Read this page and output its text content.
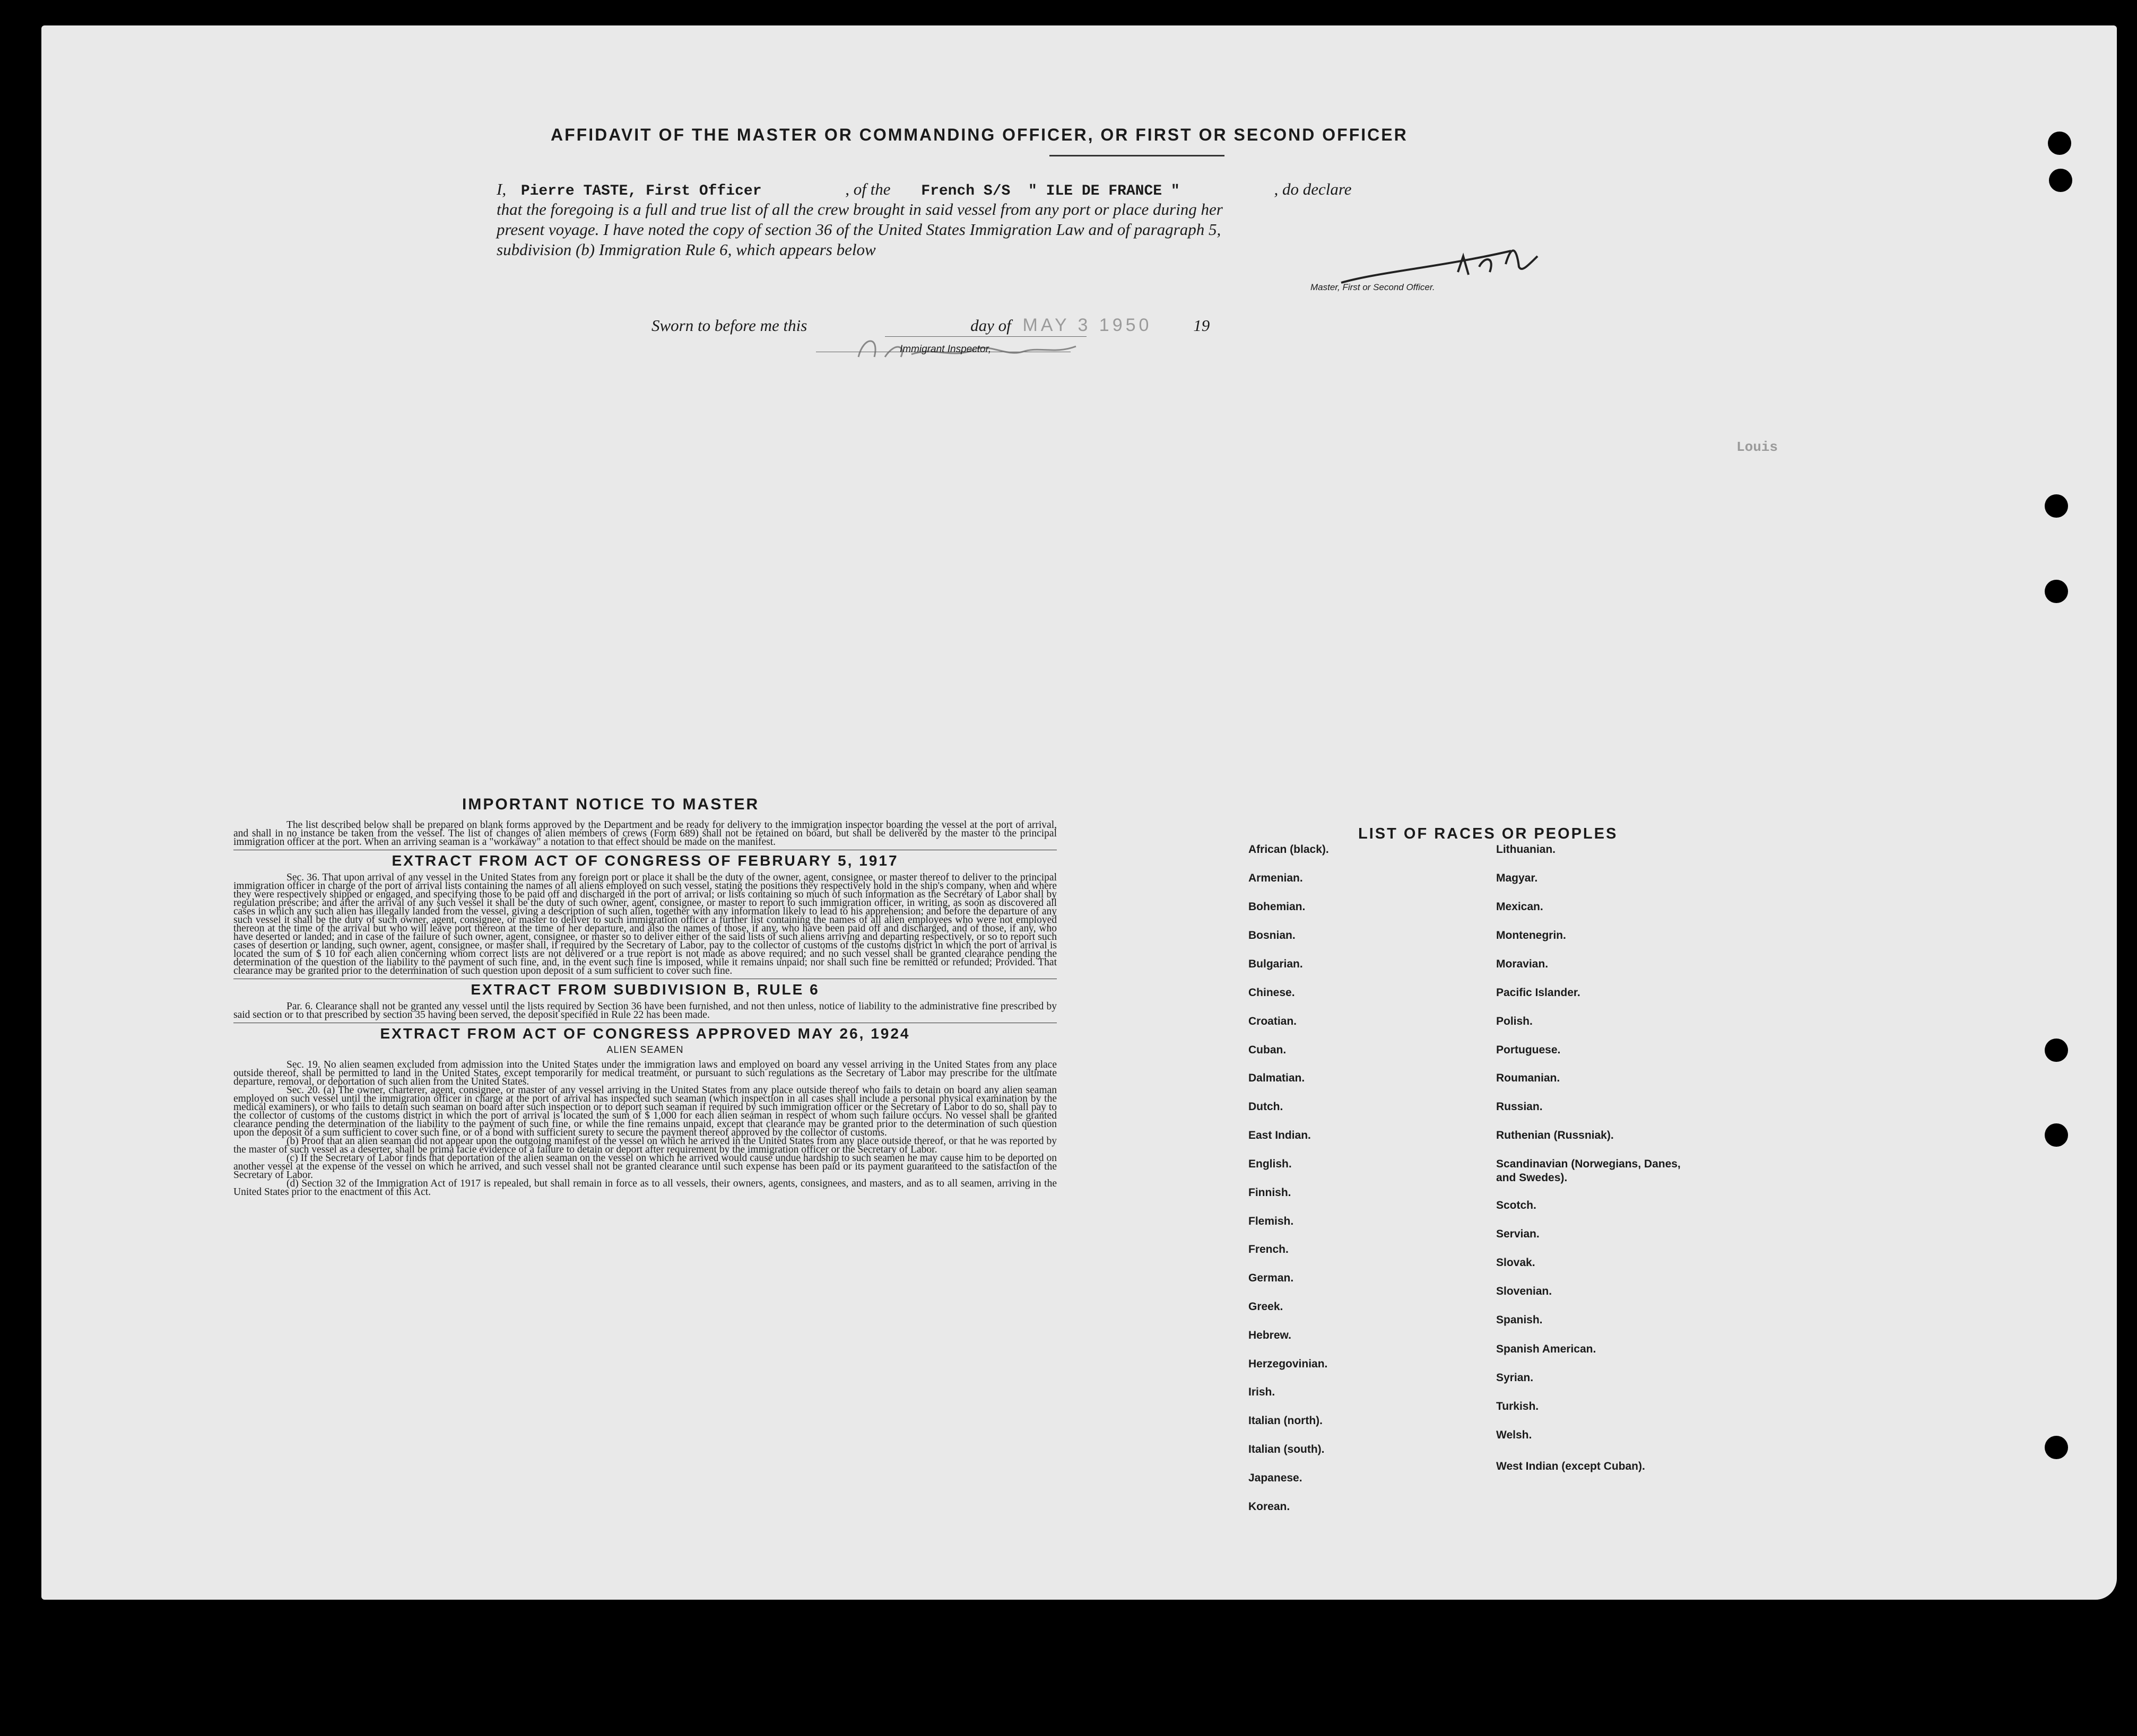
Louis
AFFIDAVIT OF THE MASTER OR COMMANDING OFFICER, OR FIRST OR SECOND OFFICER
I, Pierre TASTE, First Officer	, of the French S/S " ILE DE FRANCE "	, do declare
that the foregoing is a full and true list of all the crew brought in said vessel from any port or place during her
present voyage. I have noted the copy of section 36 of the United States Immigration Law and of paragraph 5,
subdivision (b) Immigration Rule 6, which appears below
Master, First or Second Officer.
Sworn to before me this	day of MAY 3 1950	19
Immigrant Inspector,
IMPORTANT NOTICE TO MASTER

The list described below shall be prepared on blank forms approved by the Department and be ready for delivery to the immigration inspector boarding the vessel at the port of arrival, and shall in no instance be taken from the vessel. The list of changes of alien members of crews (Form 689) shall not be retained on board, but shall be delivered by the master to the principal immigration officer at the port. When an arriving seaman is a "workaway" a notation to that effect should be made on the manifest.

EXTRACT FROM ACT OF CONGRESS OF FEBRUARY 5, 1917

Sec. 36. That upon arrival of any vessel in the United States from any foreign port or place it shall be the duty of the owner, agent, consignee, or master thereof to deliver to the principal immigration officer in charge of the port of arrival lists containing the names of all aliens employed on such vessel, stating the positions they respectively hold in the ship's company, when and where they were respectively shipped or engaged, and specifying those to be paid off and discharged in the port of arrival; or lists containing so much of such information as the Secretary of Labor shall by regulation prescribe; and after the arrival of any such vessel it shall be the duty of such owner, agent, consignee, or master to report to such immigration officer, in writing, as soon as discovered all cases in which any such alien has illegally landed from the vessel, giving a description of such alien, together with any information likely to lead to his apprehension; and before the departure of any such vessel it shall be the duty of such owner, agent, consignee, or master to deliver to such immigration officer a further list containing the names of all alien employees who were not employed thereon at the time of the arrival but who will leave port thereon at the time of her departure, and also the names of those, if any, who have been paid off and discharged, and of those, if any, who have deserted or landed; and in case of the failure of such owner, agent, consignee, or master so to deliver either of the said lists of such aliens arriving and departing respectively, or so to report such cases of desertion or landing, such owner, agent, consignee, or master shall, if required by the Secretary of Labor, pay to the collector of customs of the customs district in which the port of arrival is located the sum of $ 10 for each alien concerning whom correct lists are not delivered or a true report is not made as above required; and no such vessel shall be granted clearance pending the determination of the question of the liability to the payment of such fine, and, in the event such fine is imposed, while it remains unpaid; nor shall such fine be remitted or refunded; Provided. That clearance may be granted prior to the determination of such question upon deposit of a sum sufficient to cover such fine.

EXTRACT FROM SUBDIVISION B, RULE 6

Par. 6. Clearance shall not be granted any vessel until the lists required by Section 36 have been furnished, and not then unless, notice of liability to the administrative fine prescribed by said section or to that prescribed by section 35 having been served, the deposit specified in Rule 22 has been made.

EXTRACT FROM ACT OF CONGRESS APPROVED MAY 26, 1924
ALIEN SEAMEN

Sec. 19. No alien seamen excluded from admission into the United States under the immigration laws and employed on board any vessel arriving in the United States from any place outside thereof, shall be permitted to land in the United States, except temporarily for medical treatment, or pursuant to such regulations as the Secretary of Labor may prescribe for the ultimate departure, removal, or deportation of such alien from the United States.

Sec. 20. (a) The owner, charterer, agent, consignee, or master of any vessel arriving in the United States from any place outside thereof who fails to detain on board any alien seaman employed on such vessel until the immigration officer in charge at the port of arrival has inspected such seaman (which inspection in all cases shall include a personal physical examination by the medical examiners), or who fails to detain such seaman on board after such inspection or to deport such seaman if required by such immigration officer or the Secretary of Labor to do so, shall pay to the collector of customs of the customs district in which the port of arrival is located the sum of $ 1,000 for each alien seaman in respect of whom such failure occurs. No vessel shall be granted clearance pending the determination of the liability to the payment of such fine, or while the fine remains unpaid, except that clearance may be granted prior to the determination of such question upon the deposit of a sum sufficient to cover such fine, or of a bond with sufficient surety to secure the payment thereof approved by the collector of customs.

(b) Proof that an alien seaman did not appear upon the outgoing manifest of the vessel on which he arrived in the United States from any place outside thereof, or that he was reported by the master of such vessel as a deserter, shall be prima facie evidence of a failure to detain or deport after requirement by the immigration officer or the Secretary of Labor.

(c) If the Secretary of Labor finds that deportation of the alien seaman on the vessel on which he arrived would cause undue hardship to such seamen he may cause him to be deported on another vessel at the expense of the vessel on which he arrived, and such vessel shall not be granted clearance until such expense has been paid or its payment guaranteed to the satisfaction of the Secretary of Labor.

(d) Section 32 of the Immigration Act of 1917 is repealed, but shall remain in force as to all vessels, their owners, agents, consignees, and masters, and as to all seamen, arriving in the United States prior to the enactment of this Act.

LIST OF RACES OR PEOPLES
African (black).
Armenian.
Bohemian.
Bosnian.
Bulgarian.
Chinese.
Croatian.
Cuban.
Dalmatian.
Dutch.
East Indian.
English.
Finnish.
Flemish.
French.
German.
Greek.
Hebrew.
Herzegovinian.
Irish.
Italian (north).
Italian (south).
Japanese.
Korean.
Lithuanian.
Magyar.
Mexican.
Montenegrin.
Moravian.
Pacific Islander.
Polish.
Portuguese.
Roumanian.
Russian.
Ruthenian (Russniak).
Scandinavian (Norwegians, Danes, and Swedes).
Scotch.
Servian.
Slovak.
Slovenian.
Spanish.
Spanish American.
Syrian.
Turkish.
Welsh.
West Indian (except Cuban).
